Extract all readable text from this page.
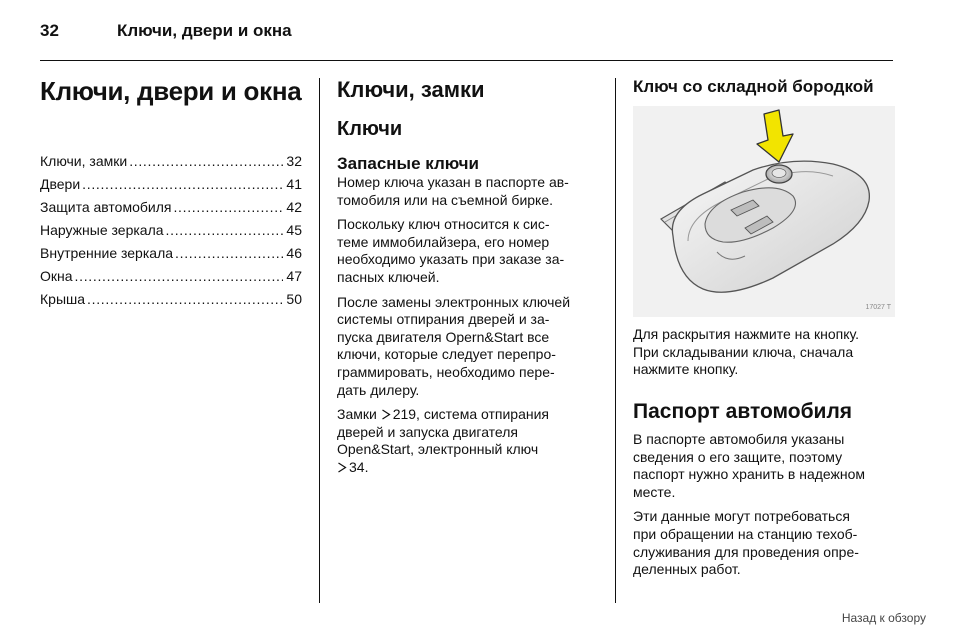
32	Ключи, двери и окна
Ключи, двери и окна
Ключи, замки . . .	32
Двери . . .	41
Защита автомобиля . . .	42
Наружные зеркала . . .	45
Внутренние зеркала . . .	46
Окна . . .	47
Крыша . . .	50
Ключи, замки
Ключи
Запасные ключи
Номер ключа указан в паспорте ав-
томобиля или на съемной бирке.
Поскольку ключ относится к сис-
теме иммобилайзера, его номер
необходимо указать при заказе за-
пасных ключей.
После замены электронных ключей
системы отпирания дверей и за-
пуска двигателя Opern&Start все
ключи, которые следует перепро-
граммировать, необходимо пере-
дать дилеру.
Замки 219, система отпирания
дверей и запуска двигателя
Open&Start, электронный ключ
34.
Ключ со складной бородкой
17027 T
Для раскрытия нажмите на кнопку.
При складывании ключа, сначала
нажмите кнопку.
Паспорт автомобиля
В паспорте автомобиля указаны
сведения о его защите, поэтому
паспорт нужно хранить в надежном
месте.
Эти данные могут потребоваться
при обращении на станцию техоб-
служивания для проведения опре-
деленных работ.
Назад к обзору
